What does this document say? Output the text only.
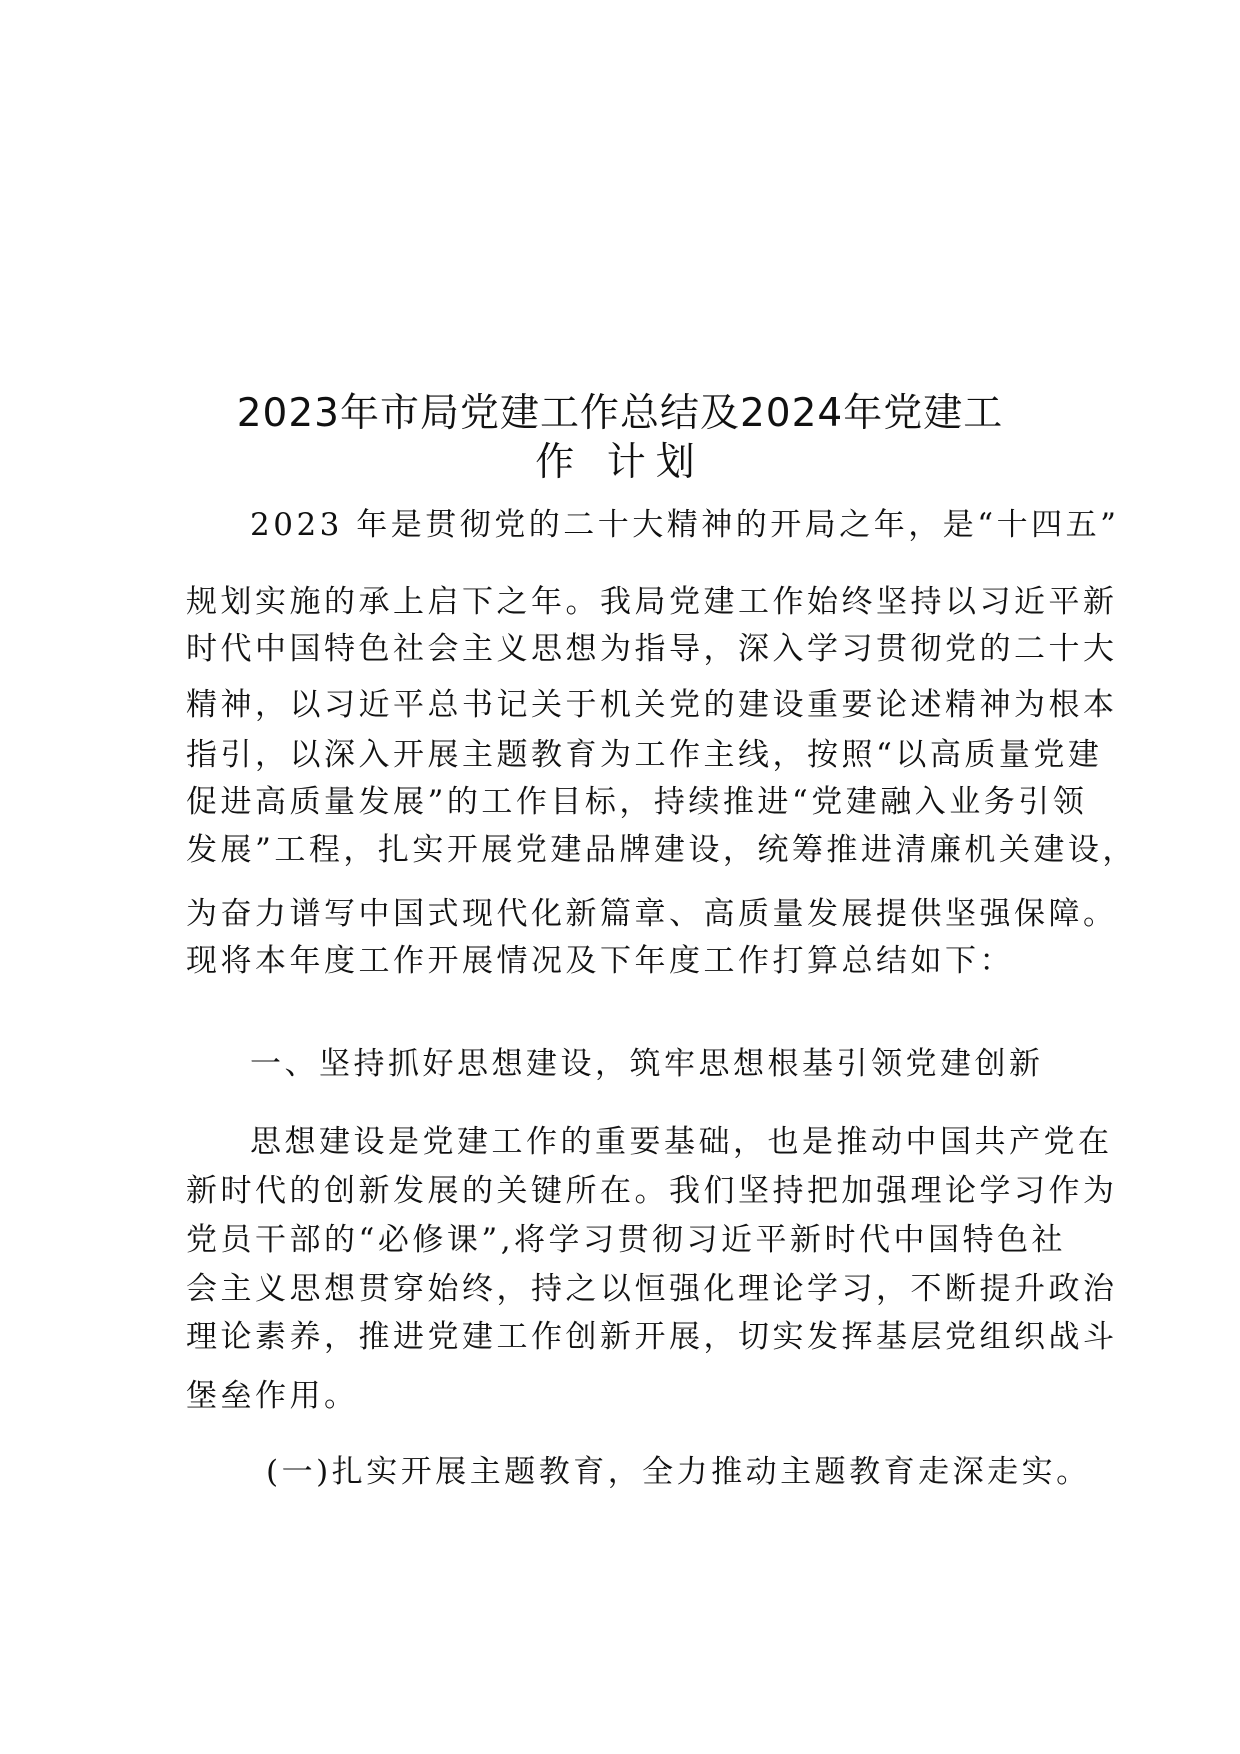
2023年市局党建工作总结及2024年党建工
作 计划
2023 年是贯彻党的二十大精神的开局之年，是“十四五”
规划实施的承上启下之年。我局党建工作始终坚持以习近平新
时代中国特色社会主义思想为指导，深入学习贯彻党的二十大
精神，以习近平总书记关于机关党的建设重要论述精神为根本
指引，以深入开展主题教育为工作主线，按照“以高质量党建
促进高质量发展”的工作目标，持续推进“党建融入业务引领
发展”工程，扎实开展党建品牌建设，统筹推进清廉机关建设，
为奋力谱写中国式现代化新篇章、高质量发展提供坚强保障。
现将本年度工作开展情况及下年度工作打算总结如下：
一、坚持抓好思想建设，筑牢思想根基引领党建创新
思想建设是党建工作的重要基础，也是推动中国共产党在
新时代的创新发展的关键所在。我们坚持把加强理论学习作为
党员干部的“必修课”,将学习贯彻习近平新时代中国特色社
会主义思想贯穿始终，持之以恒强化理论学习，不断提升政治
理论素养，推进党建工作创新开展，切实发挥基层党组织战斗
堡垒作用。
(一)扎实开展主题教育，全力推动主题教育走深走实。
